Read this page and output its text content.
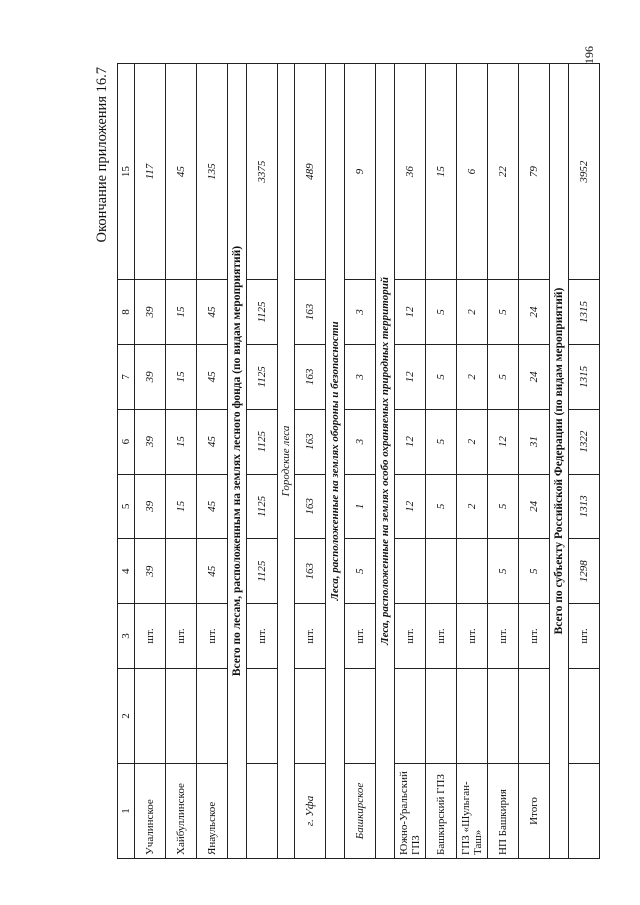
196
Окончание приложения 16.7
1	2	3	4	5	6	7	8	15
Учалинское		шт.	39	39	39	39	39	117
Хайбуллинское		шт.		15	15	15	15	45
Янаульское		шт.	45	45	45	45	45	135
Всего по лесам, расположенным на землях лесного фонда (по видам мероприятий)								
		шт.	1125	1125	1125	1125	1125	3375
Городские леса								
г. Уфа		шт.	163	163	163	163	163	489
Леса, расположенные на землях обороны и безопасности								
Башкирское		шт.	5	1	3	3	3	9
Леса, расположенные на землях особо охраняемых природных территорий								
Южно-Уральский ГПЗ		шт.		12	12	12	12	36
Башкирский ГПЗ		шт.		5	5	5	5	15
ГПЗ «Шульган-Таш»		шт.		2	2	2	2	6
НП Башкирия		шт.	5	5	12	5	5	22
Итого		шт.	5	24	31	24	24	79
Всего по субъекту Российской Федерации (по видам мероприятий)								
		шт.	1298	1313	1322	1315	1315	3952
